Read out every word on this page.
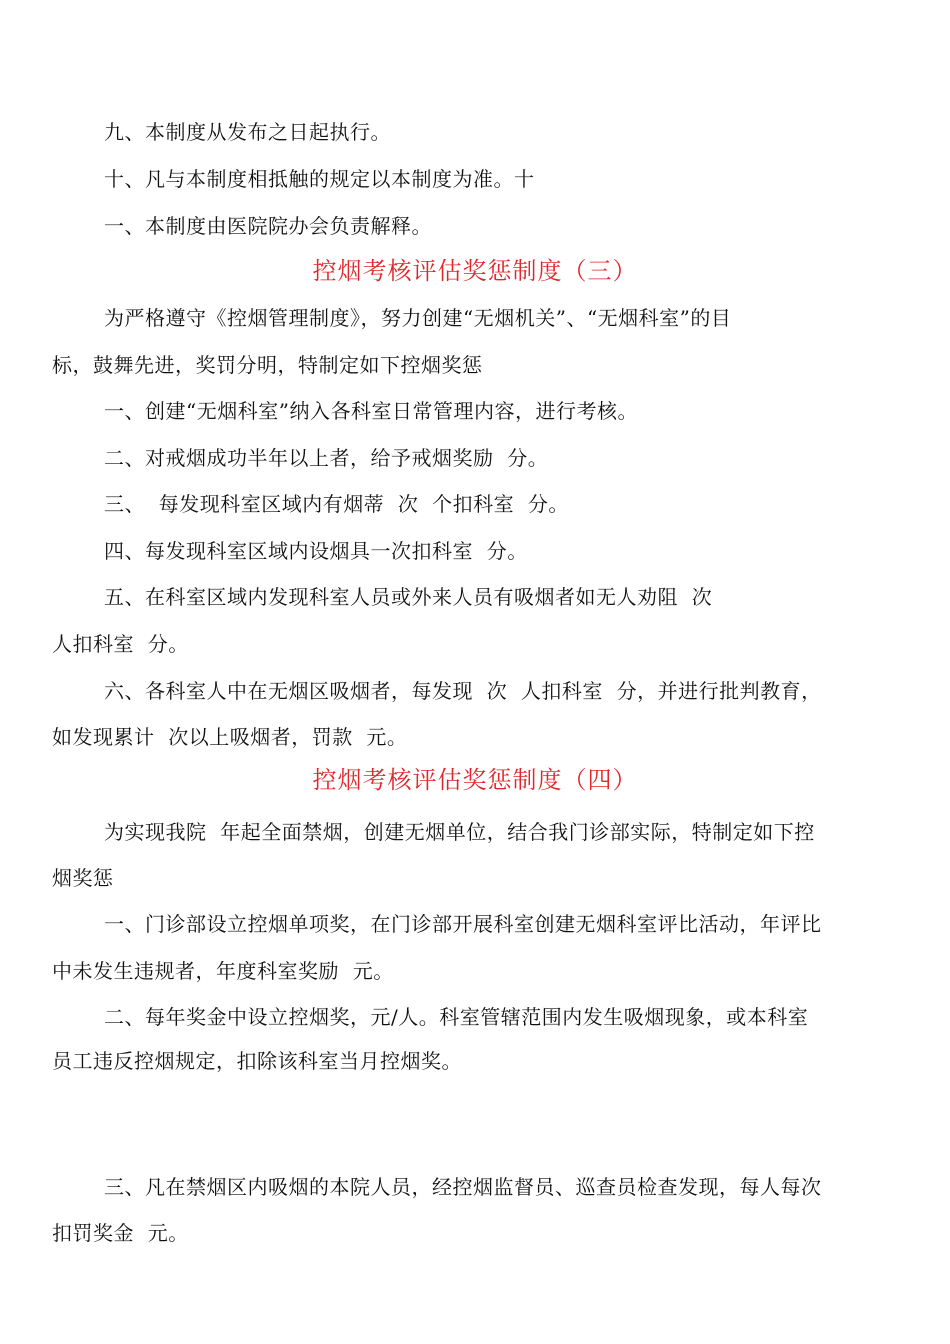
九、本制度从发布之日起执行。
十、凡与本制度相抵触的规定以本制度为准。十
一、本制度由医院院办会负责解释。
控烟考核评估奖惩制度（三）
为严格遵守《控烟管理制度》，努力创建“无烟机关”、“无烟科室”的目
标，鼓舞先进，奖罚分明，特制定如下控烟奖惩
一、创建“无烟科室”纳入各科室日常管理内容，进行考核。
二、对戒烟成功半年以上者，给予戒烟奖励  分。
三、  每发现科室区域内有烟蒂  次  个扣科室  分。
四、每发现科室区域内设烟具一次扣科室  分。
五、在科室区域内发现科室人员或外来人员有吸烟者如无人劝阻  次
人扣科室  分。
六、各科室人中在无烟区吸烟者，每发现  次  人扣科室  分，并进行批判教育，
如发现累计  次以上吸烟者，罚款  元。
控烟考核评估奖惩制度（四）
为实现我院  年起全面禁烟，创建无烟单位，结合我门诊部实际，特制定如下控
烟奖惩
一、门诊部设立控烟单项奖，在门诊部开展科室创建无烟科室评比活动，年评比
中未发生违规者，年度科室奖励  元。
二、每年奖金中设立控烟奖，元/人。科室管辖范围内发生吸烟现象，或本科室
员工违反控烟规定，扣除该科室当月控烟奖。
三、凡在禁烟区内吸烟的本院人员，经控烟监督员、巡查员检查发现，每人每次
扣罚奖金  元。
